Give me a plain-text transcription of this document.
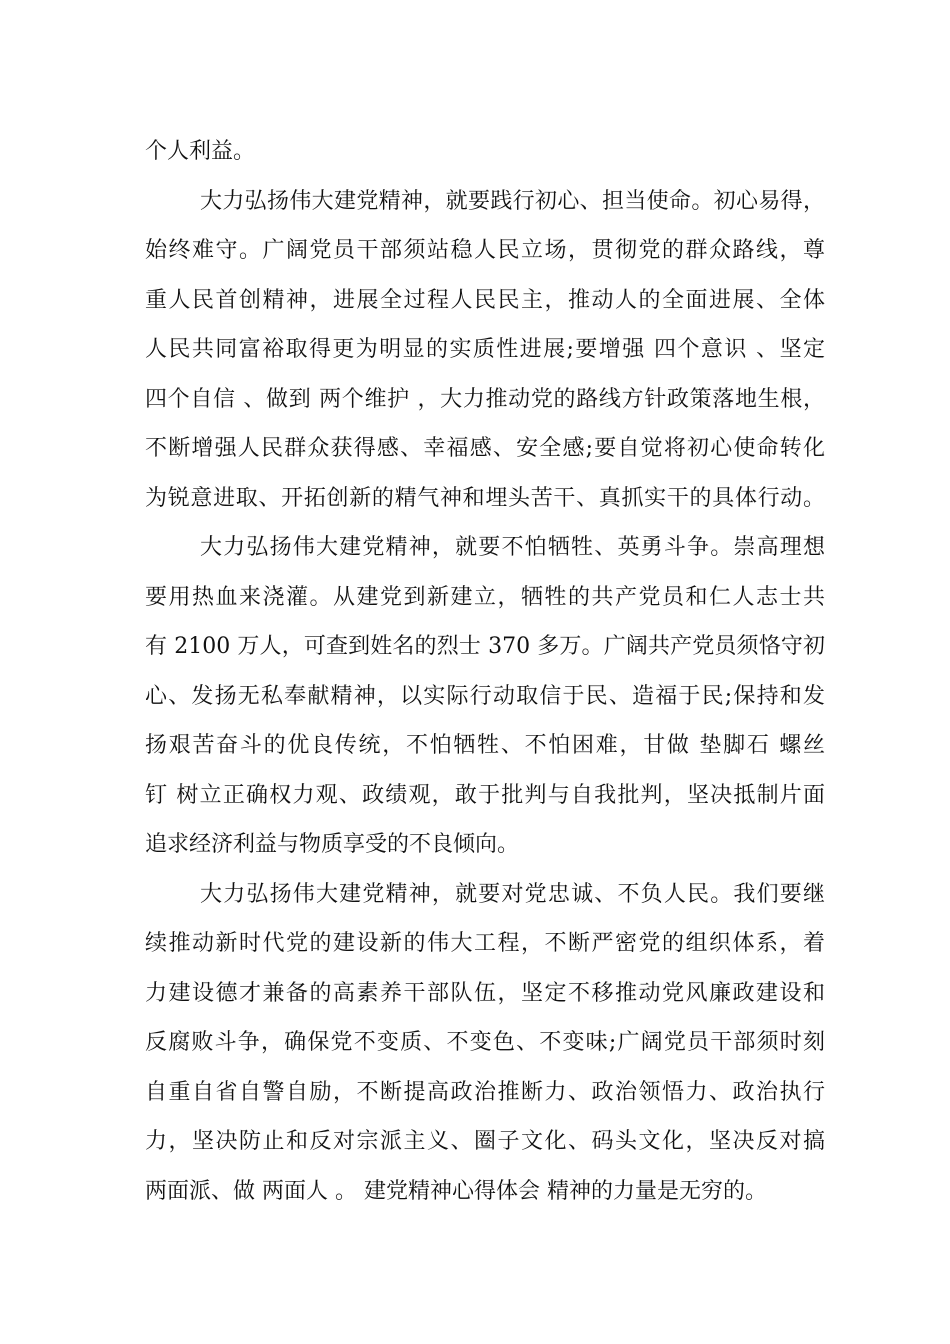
个人利益。
大力弘扬伟大建党精神，就要践行初心、担当使命。初心易得，
始终难守。广阔党员干部须站稳人民立场，贯彻党的群众路线，尊
重人民首创精神，进展全过程人民民主，推动人的全面进展、全体
人民共同富裕取得更为明显的实质性进展;要增强 四个意识 、坚定
四个自信 、做到 两个维护 ，大力推动党的路线方针政策落地生根，
不断增强人民群众获得感、幸福感、安全感;要自觉将初心使命转化
为锐意进取、开拓创新的精气神和埋头苦干、真抓实干的具体行动。
大力弘扬伟大建党精神，就要不怕牺牲、英勇斗争。崇高理想
要用热血来浇灌。从建党到新建立，牺牲的共产党员和仁人志士共
有 2100 万人，可查到姓名的烈士 370 多万。广阔共产党员须恪守初
心、发扬无私奉献精神，以实际行动取信于民、造福于民;保持和发
扬艰苦奋斗的优良传统，不怕牺牲、不怕困难，甘做 垫脚石 螺丝
钉 树立正确权力观、政绩观，敢于批判与自我批判，坚决抵制片面
追求经济利益与物质享受的不良倾向。
大力弘扬伟大建党精神，就要对党忠诚、不负人民。我们要继
续推动新时代党的建设新的伟大工程，不断严密党的组织体系，着
力建设德才兼备的高素养干部队伍，坚定不移推动党风廉政建设和
反腐败斗争，确保党不变质、不变色、不变味;广阔党员干部须时刻
自重自省自警自励，不断提高政治推断力、政治领悟力、政治执行
力，坚决防止和反对宗派主义、圈子文化、码头文化，坚决反对搞
两面派、做 两面人 。 建党精神心得体会 精神的力量是无穷的。
